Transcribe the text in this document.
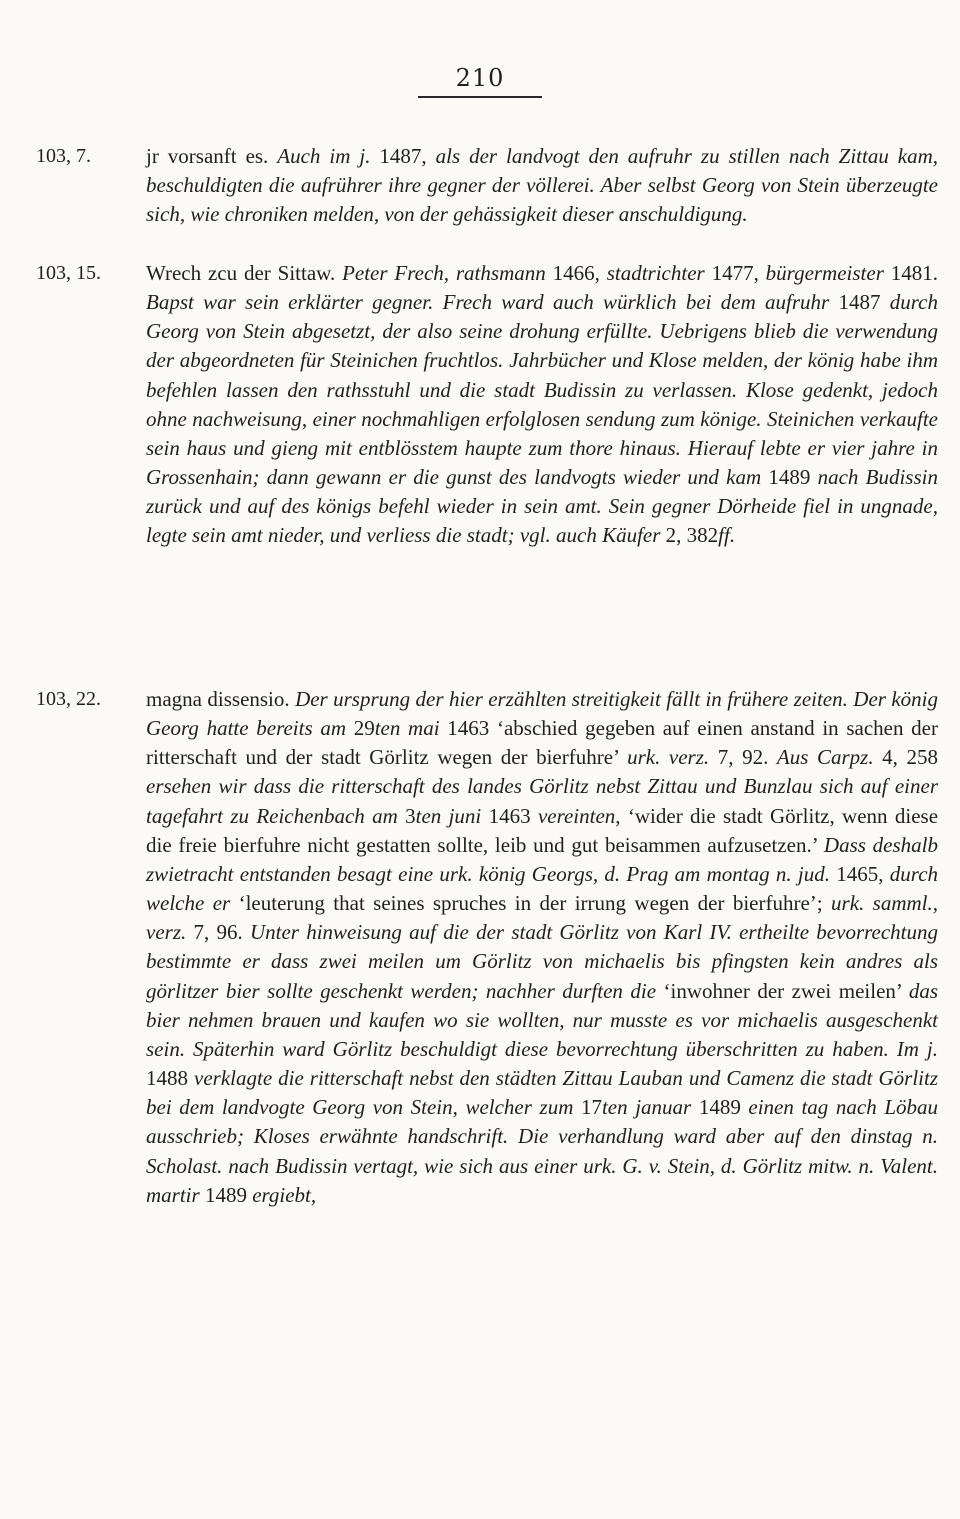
210
103, 7.	jr vorsanft es. Auch im j. 1487, als der landvogt den aufruhr zu stillen nach Zittau kam, beschuldigten die aufrührer ihre gegner der völlerei. Aber selbst Georg von Stein überzeugte sich, wie chroniken melden, von der gehässigkeit dieser anschuldigung.
103, 15.	Wrech zcu der Sittaw. Peter Frech, rathsmann 1466, stadtrichter 1477, bürgermeister 1481. Bapst war sein erklärter gegner. Frech ward auch würklich bei dem aufruhr 1487 durch Georg von Stein abgesetzt, der also seine drohung erfüllte. Uebrigens blieb die verwendung der abgeordneten für Steinichen fruchtlos. Jahrbücher und Klose melden, der könig habe ihm befehlen lassen den rathsstuhl und die stadt Budissin zu verlassen. Klose gedenkt, jedoch ohne nachweisung, einer nochmahligen erfolglosen sendung zum könige. Steinichen verkaufte sein haus und gieng mit entblösstem haupte zum thore hinaus. Hierauf lebte er vier jahre in Grossenhain; dann gewann er die gunst des landvogts wieder und kam 1489 nach Budissin zurück und auf des königs befehl wieder in sein amt. Sein gegner Dörheide fiel in ungnade, legte sein amt nieder, und verliess die stadt; vgl. auch Käufer 2, 382ff.
103, 22.	magna dissensio. Der ursprung der hier erzählten streitigkeit fällt in frühere zeiten. Der könig Georg hatte bereits am 29ten mai 1463 ‘abschied gegeben auf einen anstand in sachen der ritterschaft und der stadt Görlitz wegen der bierfuhre’ urk. verz. 7, 92. Aus Carpz. 4, 258 ersehen wir dass die ritterschaft des landes Görlitz nebst Zittau und Bunzlau sich auf einer tagefahrt zu Reichenbach am 3ten juni 1463 vereinten, ‘wider die stadt Görlitz, wenn diese die freie bierfuhre nicht gestatten sollte, leib und gut beisammen aufzusetzen.’ Dass deshalb zwietracht entstanden besagt eine urk. könig Georgs, d. Prag am montag n. jud. 1465, durch welche er ‘leuterung that seines spruches in der irrung wegen der bierfuhre’; urk. samml., verz. 7, 96. Unter hinweisung auf die der stadt Görlitz von Karl IV. ertheilte bevorrechtung bestimmte er dass zwei meilen um Görlitz von michaelis bis pfingsten kein andres als görlitzer bier sollte geschenkt werden; nachher durften die ‘inwohner der zwei meilen’ das bier nehmen brauen und kaufen wo sie wollten, nur musste es vor michaelis ausgeschenkt sein. Späterhin ward Görlitz beschuldigt diese bevorrechtung überschritten zu haben. Im j. 1488 verklagte die ritterschaft nebst den städten Zittau Lauban und Camenz die stadt Görlitz bei dem landvogte Georg von Stein, welcher zum 17ten januar 1489 einen tag nach Löbau ausschrieb; Kloses erwähnte handschrift. Die verhandlung ward aber auf den dinstag n. Scholast. nach Budissin vertagt, wie sich aus einer urk. G. v. Stein, d. Görlitz mitw. n. Valent. martir 1489 ergiebt,
